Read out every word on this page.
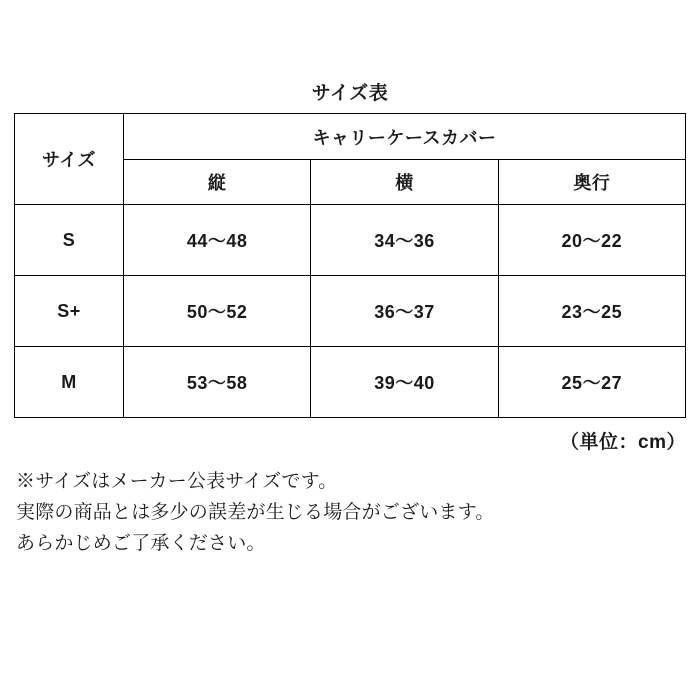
サイズ表
サイズ	キャリーケースカバー		
	縦	横	奥行
S	44〜48	34〜36	20〜22
S+	50〜52	36〜37	23〜25
M	53〜58	39〜40	25〜27
（単位：cm）
※サイズはメーカー公表サイズです。
実際の商品とは多少の誤差が生じる場合がございます。
あらかじめご了承ください。
